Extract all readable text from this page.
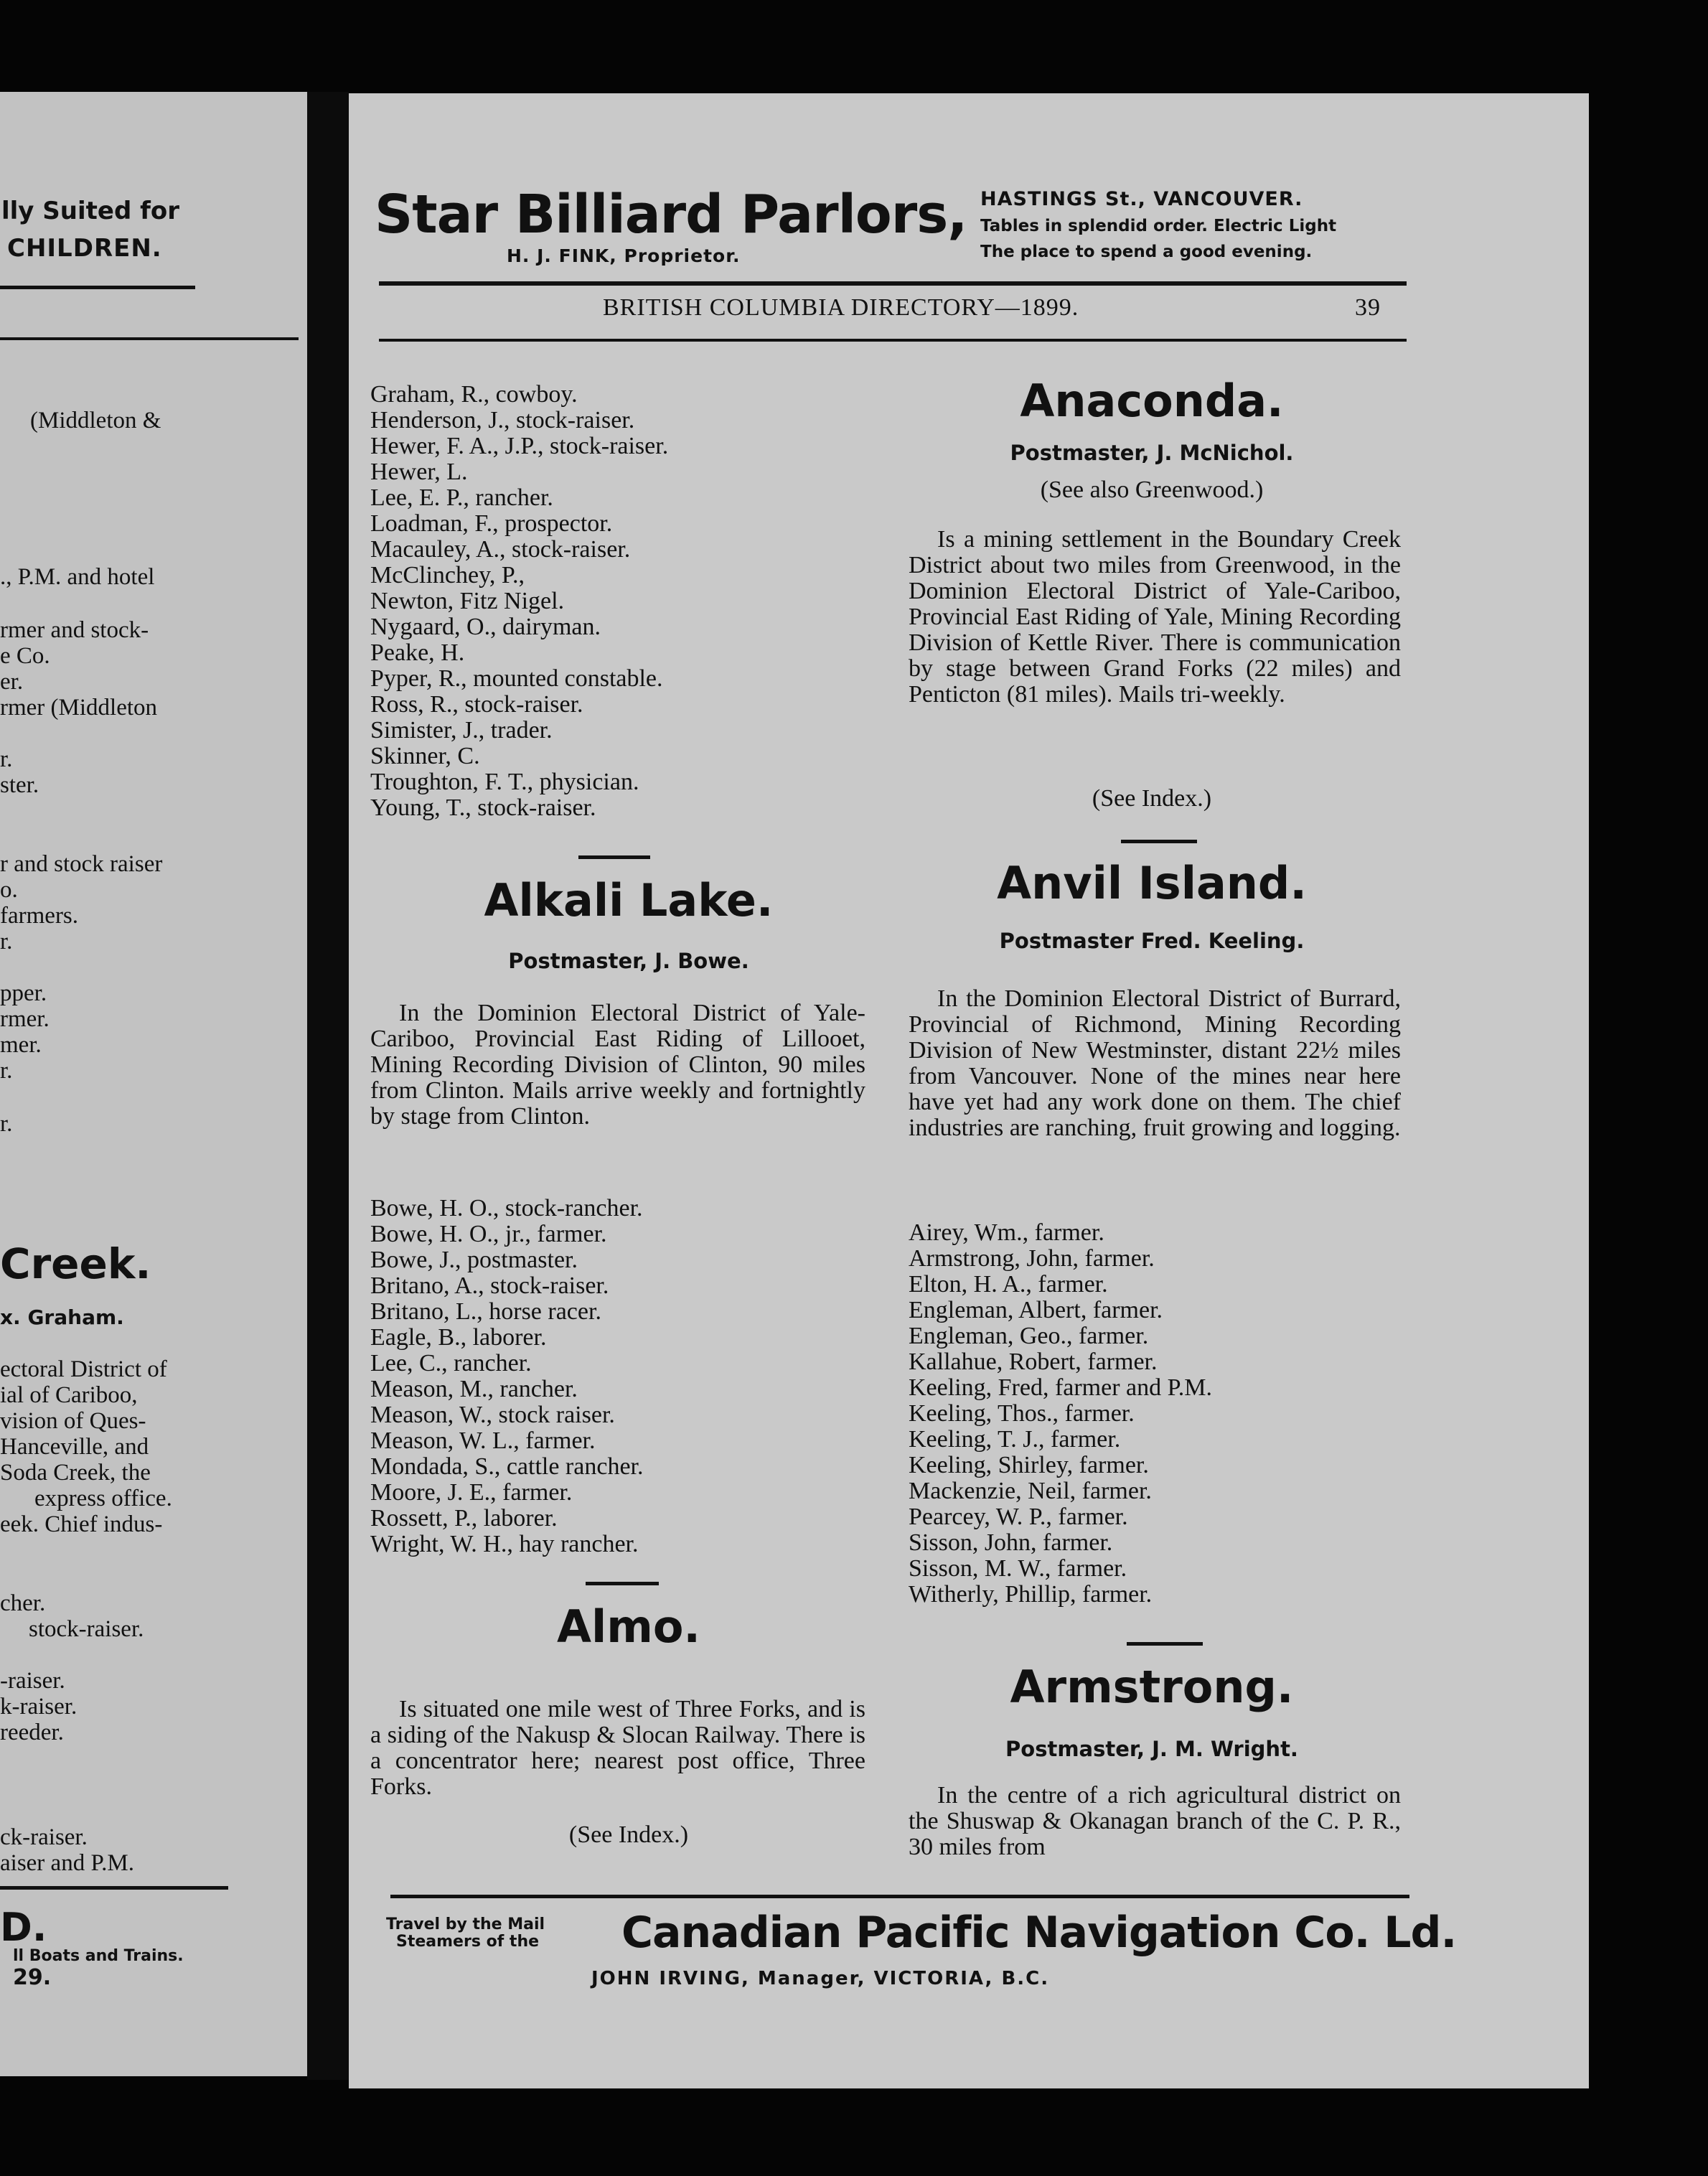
lly Suited for
CHILDREN.
(Middleton &
., P.M. and hotel
rmer and stock-
e Co.
er.
rmer (Middleton
r.
ster.
r and stock raiser
o.
farmers.
r.
pper.
rmer.
mer.
r.
r.
Creek.
x. Graham.
ectoral District of
ial of Cariboo,
vision of Ques-
Hanceville, and
Soda Creek, the
express office.
eek. Chief indus-
cher.
stock-raiser.
-raiser.
k-raiser.
reeder.
ck-raiser.
aiser and P.M.
D.
ll Boats and Trains.
29.
Star Billiard Parlors,
H. J. FINK, Proprietor.
HASTINGS St., VANCOUVER.
Tables in splendid order. Electric Light
The place to spend a good evening.
BRITISH COLUMBIA DIRECTORY—1899.	39
Graham, R., cowboy.
Henderson, J., stock-raiser.
Hewer, F. A., J.P., stock-raiser.
Hewer, L.
Lee, E. P., rancher.
Loadman, F., prospector.
Macauley, A., stock-raiser.
McClinchey, P.,
Newton, Fitz Nigel.
Nygaard, O., dairyman.
Peake, H.
Pyper, R., mounted constable.
Ross, R., stock-raiser.
Simister, J., trader.
Skinner, C.
Troughton, F. T., physician.
Young, T., stock-raiser.
Alkali Lake.
Postmaster, J. Bowe.
In the Dominion Electoral District of Yale-Cariboo, Provincial East Riding of Lillooet, Mining Recording Division of Clinton, 90 miles from Clinton. Mails arrive weekly and fortnightly by stage from Clinton.
Bowe, H. O., stock-rancher.
Bowe, H. O., jr., farmer.
Bowe, J., postmaster.
Britano, A., stock-raiser.
Britano, L., horse racer.
Eagle, B., laborer.
Lee, C., rancher.
Meason, M., rancher.
Meason, W., stock raiser.
Meason, W. L., farmer.
Mondada, S., cattle rancher.
Moore, J. E., farmer.
Rossett, P., laborer.
Wright, W. H., hay rancher.
Almo.
Is situated one mile west of Three Forks, and is a siding of the Nakusp & Slocan Railway. There is a concentrator here; nearest post office, Three Forks.
(See Index.)
Anaconda.
Postmaster, J. McNichol.
(See also Greenwood.)
Is a mining settlement in the Boundary Creek District about two miles from Greenwood, in the Dominion Electoral District of Yale-Cariboo, Provincial East Riding of Yale, Mining Recording Division of Kettle River. There is communication by stage between Grand Forks (22 miles) and Penticton (81 miles). Mails tri-weekly.
(See Index.)
Anvil Island.
Postmaster Fred. Keeling.
In the Dominion Electoral District of Burrard, Provincial of Richmond, Mining Recording Division of New Westminster, distant 22½ miles from Vancouver. None of the mines near here have yet had any work done on them. The chief industries are ranching, fruit growing and logging.
Airey, Wm., farmer.
Armstrong, John, farmer.
Elton, H. A., farmer.
Engleman, Albert, farmer.
Engleman, Geo., farmer.
Kallahue, Robert, farmer.
Keeling, Fred, farmer and P.M.
Keeling, Thos., farmer.
Keeling, T. J., farmer.
Keeling, Shirley, farmer.
Mackenzie, Neil, farmer.
Pearcey, W. P., farmer.
Sisson, John, farmer.
Sisson, M. W., farmer.
Witherly, Phillip, farmer.
Armstrong.
Postmaster, J. M. Wright.
In the centre of a rich agricultural district on the Shuswap & Okanagan branch of the C. P. R., 30 miles from
Travel by the Mail
Steamers of the Canadian Pacific Navigation Co. Ld.
JOHN IRVING, Manager, VICTORIA, B.C.
